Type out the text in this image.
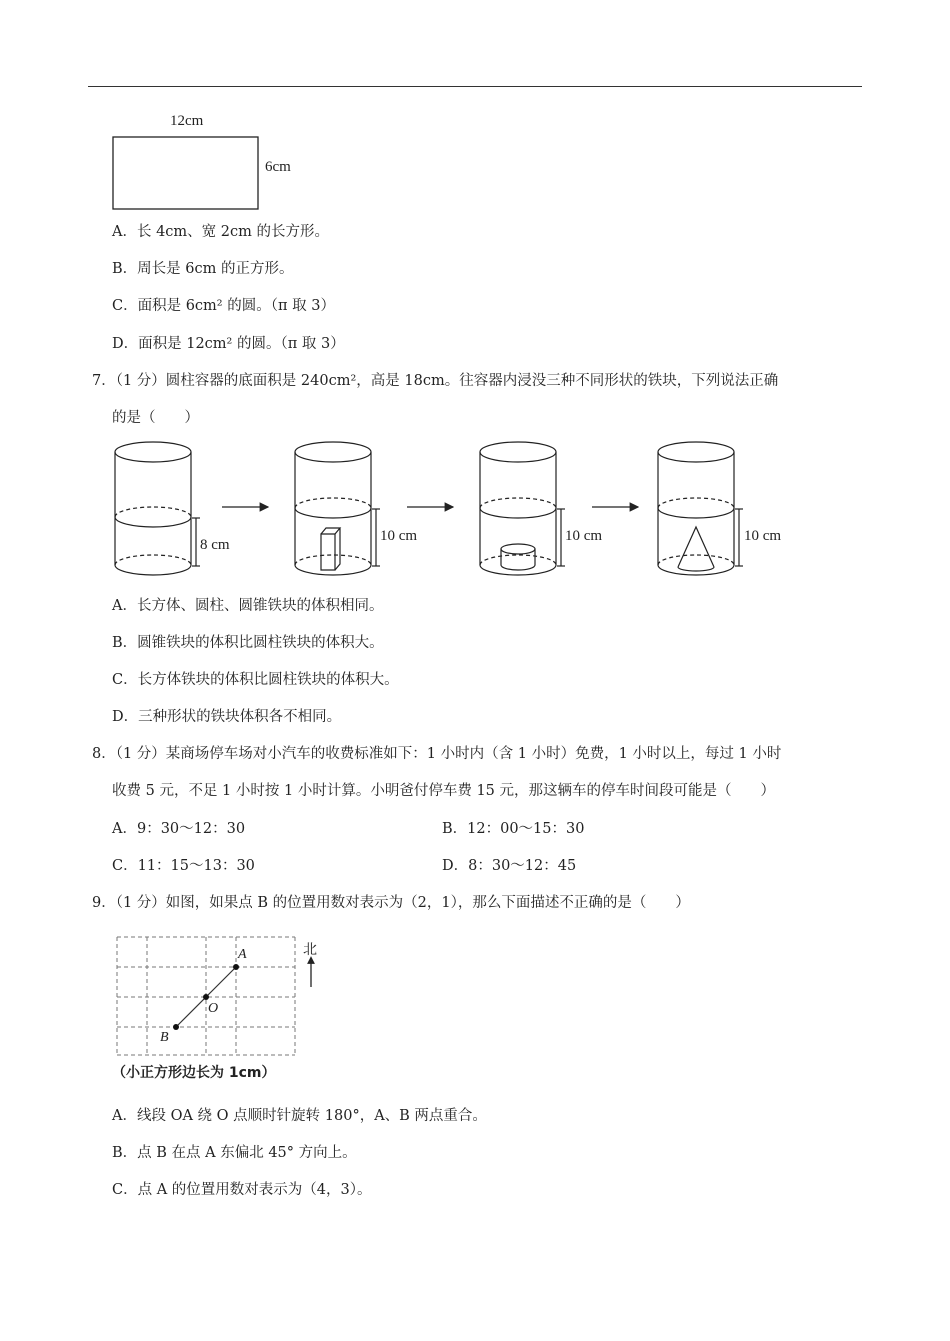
12cm
6cm
A．长 4cm、宽 2cm 的长方形。
B．周长是 6cm 的正方形。
C．面积是 6cm² 的圆。（π 取 3）
D．面积是 12cm² 的圆。（π 取 3）
7．（1 分）圆柱容器的底面积是 240cm²，高是 18cm。往容器内浸没三种不同形状的铁块，下列说法正确
的是（　　）
8 cm
10 cm	10 cm	10 cm
A．长方体、圆柱、圆锥铁块的体积相同。
B．圆锥铁块的体积比圆柱铁块的体积大。
C．长方体铁块的体积比圆柱铁块的体积大。
D．三种形状的铁块体积各不相同。
8．（1 分）某商场停车场对小汽车的收费标准如下：1 小时内（含 1 小时）免费，1 小时以上，每过 1 小时
收费 5 元，不足 1 小时按 1 小时计算。小明爸付停车费 15 元，那这辆车的停车时间段可能是（　　）
A．9：30～12：30	B．12：00～15：30
C．11：15～13：30	D．8：30～12：45
9．（1 分）如图，如果点 B 的位置用数对表示为（2，1），那么下面描述不正确的是（　　）
A
O
B
北
（小正方形边长为 1cm）
A．线段 OA 绕 O 点顺时针旋转 180°，A、B 两点重合。
B．点 B 在点 A 东偏北 45° 方向上。
C．点 A 的位置用数对表示为（4，3）。
